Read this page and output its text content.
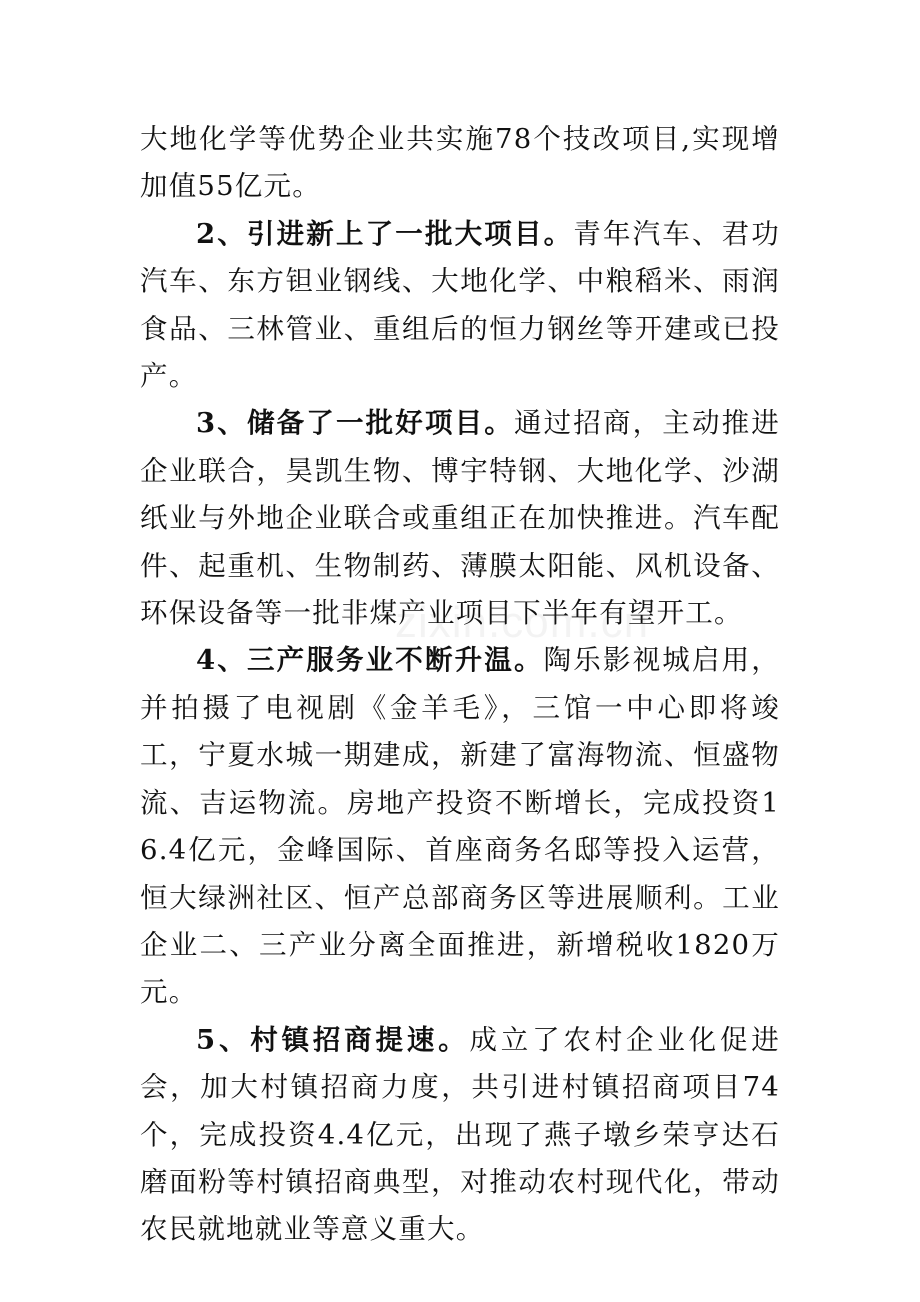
大地化学等优势企业共实施78个技改项目,实现增加值55亿元。

2、引进新上了一批大项目。青年汽车、君功汽车、东方钽业钢线、大地化学、中粮稻米、雨润食品、三林管业、重组后的恒力钢丝等开建或已投产。

3、储备了一批好项目。通过招商，主动推进企业联合，昊凯生物、博宇特钢、大地化学、沙湖纸业与外地企业联合或重组正在加快推进。汽车配件、起重机、生物制药、薄膜太阳能、风机设备、环保设备等一批非煤产业项目下半年有望开工。

4、三产服务业不断升温。陶乐影视城启用，并拍摄了电视剧《金羊毛》，三馆一中心即将竣工，宁夏水城一期建成，新建了富海物流、恒盛物流、吉运物流。房地产投资不断增长，完成投资16.4亿元，金峰国际、首座商务名邸等投入运营，恒大绿洲社区、恒产总部商务区等进展顺利。工业企业二、三产业分离全面推进，新增税收1820万元。

5、村镇招商提速。成立了农村企业化促进会，加大村镇招商力度，共引进村镇招商项目74个，完成投资4.4亿元，出现了燕子墩乡荣亨达石磨面粉等村镇招商典型，对推动农村现代化，带动农民就地就业等意义重大。
